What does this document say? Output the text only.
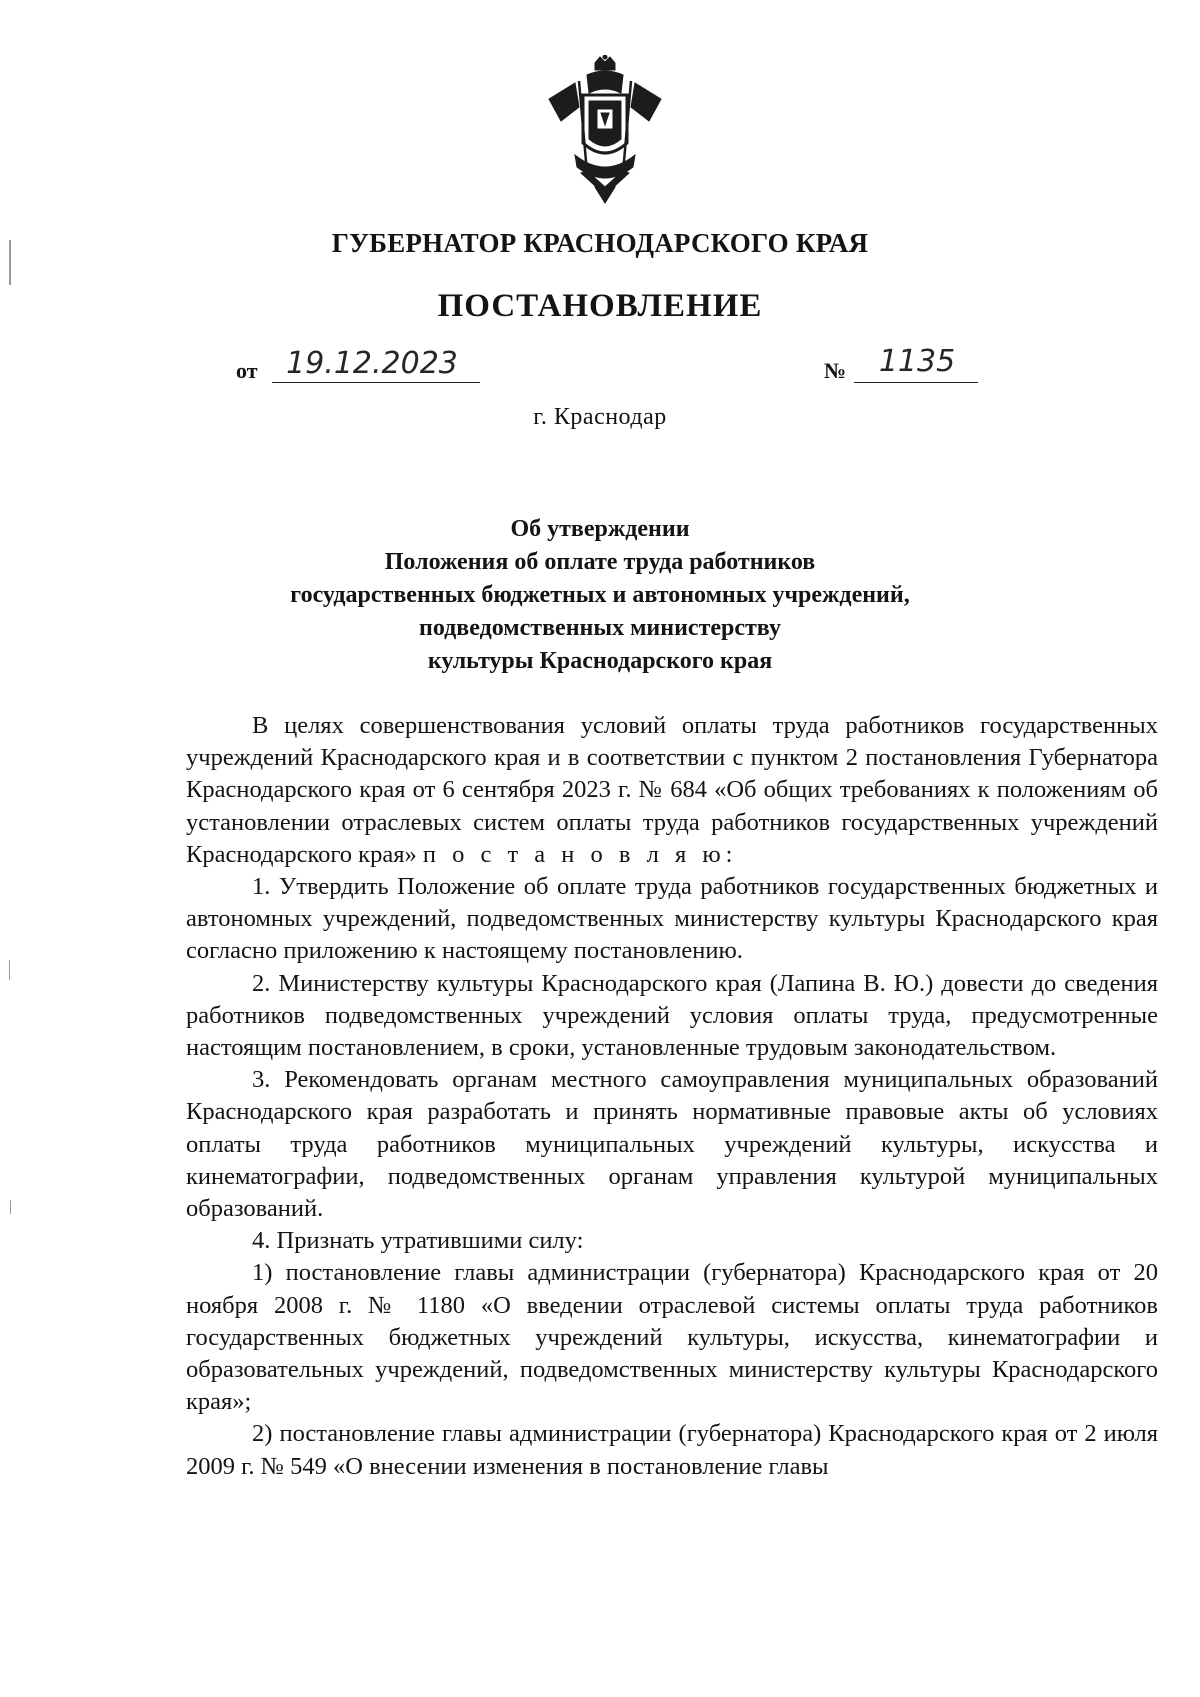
ГУБЕРНАТОР КРАСНОДАРСКОГО КРАЯ
ПОСТАНОВЛЕНИЕ
от 19.12.2023	№	1135
г. Краснодар
Об утверждении
Положения об оплате труда работников
государственных бюджетных и автономных учреждений,
подведомственных министерству
культуры Краснодарского края

В целях совершенствования условий оплаты труда работников государственных учреждений Краснодарского края и в соответствии с пунктом 2 постановления Губернатора Краснодарского края от 6 сентября 2023 г. № 684 «Об общих требованиях к положениям об установлении отраслевых систем оплаты труда работников государственных учреждений Краснодарского края» п о с т а н о в л я ю:

1. Утвердить Положение об оплате труда работников государственных бюджетных и автономных учреждений, подведомственных министерству культуры Краснодарского края согласно приложению к настоящему постановлению.

2. Министерству культуры Краснодарского края (Лапина В. Ю.) довести до сведения работников подведомственных учреждений условия оплаты труда, предусмотренные настоящим постановлением, в сроки, установленные трудовым законодательством.

3. Рекомендовать органам местного самоуправления муниципальных образований Краснодарского края разработать и принять нормативные правовые акты об условиях оплаты труда работников муниципальных учреждений культуры, искусства и кинематографии, подведомственных органам управления культурой муниципальных образований.

4. Признать утратившими силу:

1) постановление главы администрации (губернатора) Краснодарского края от 20 ноября 2008 г. № 1180 «О введении отраслевой системы оплаты труда работников государственных бюджетных учреждений культуры, искусства, кинематографии и образовательных учреждений, подведомственных министерству культуры Краснодарского края»;

2) постановление главы администрации (губернатора) Краснодарского края от 2 июля 2009 г. № 549 «О внесении изменения в постановление главы
